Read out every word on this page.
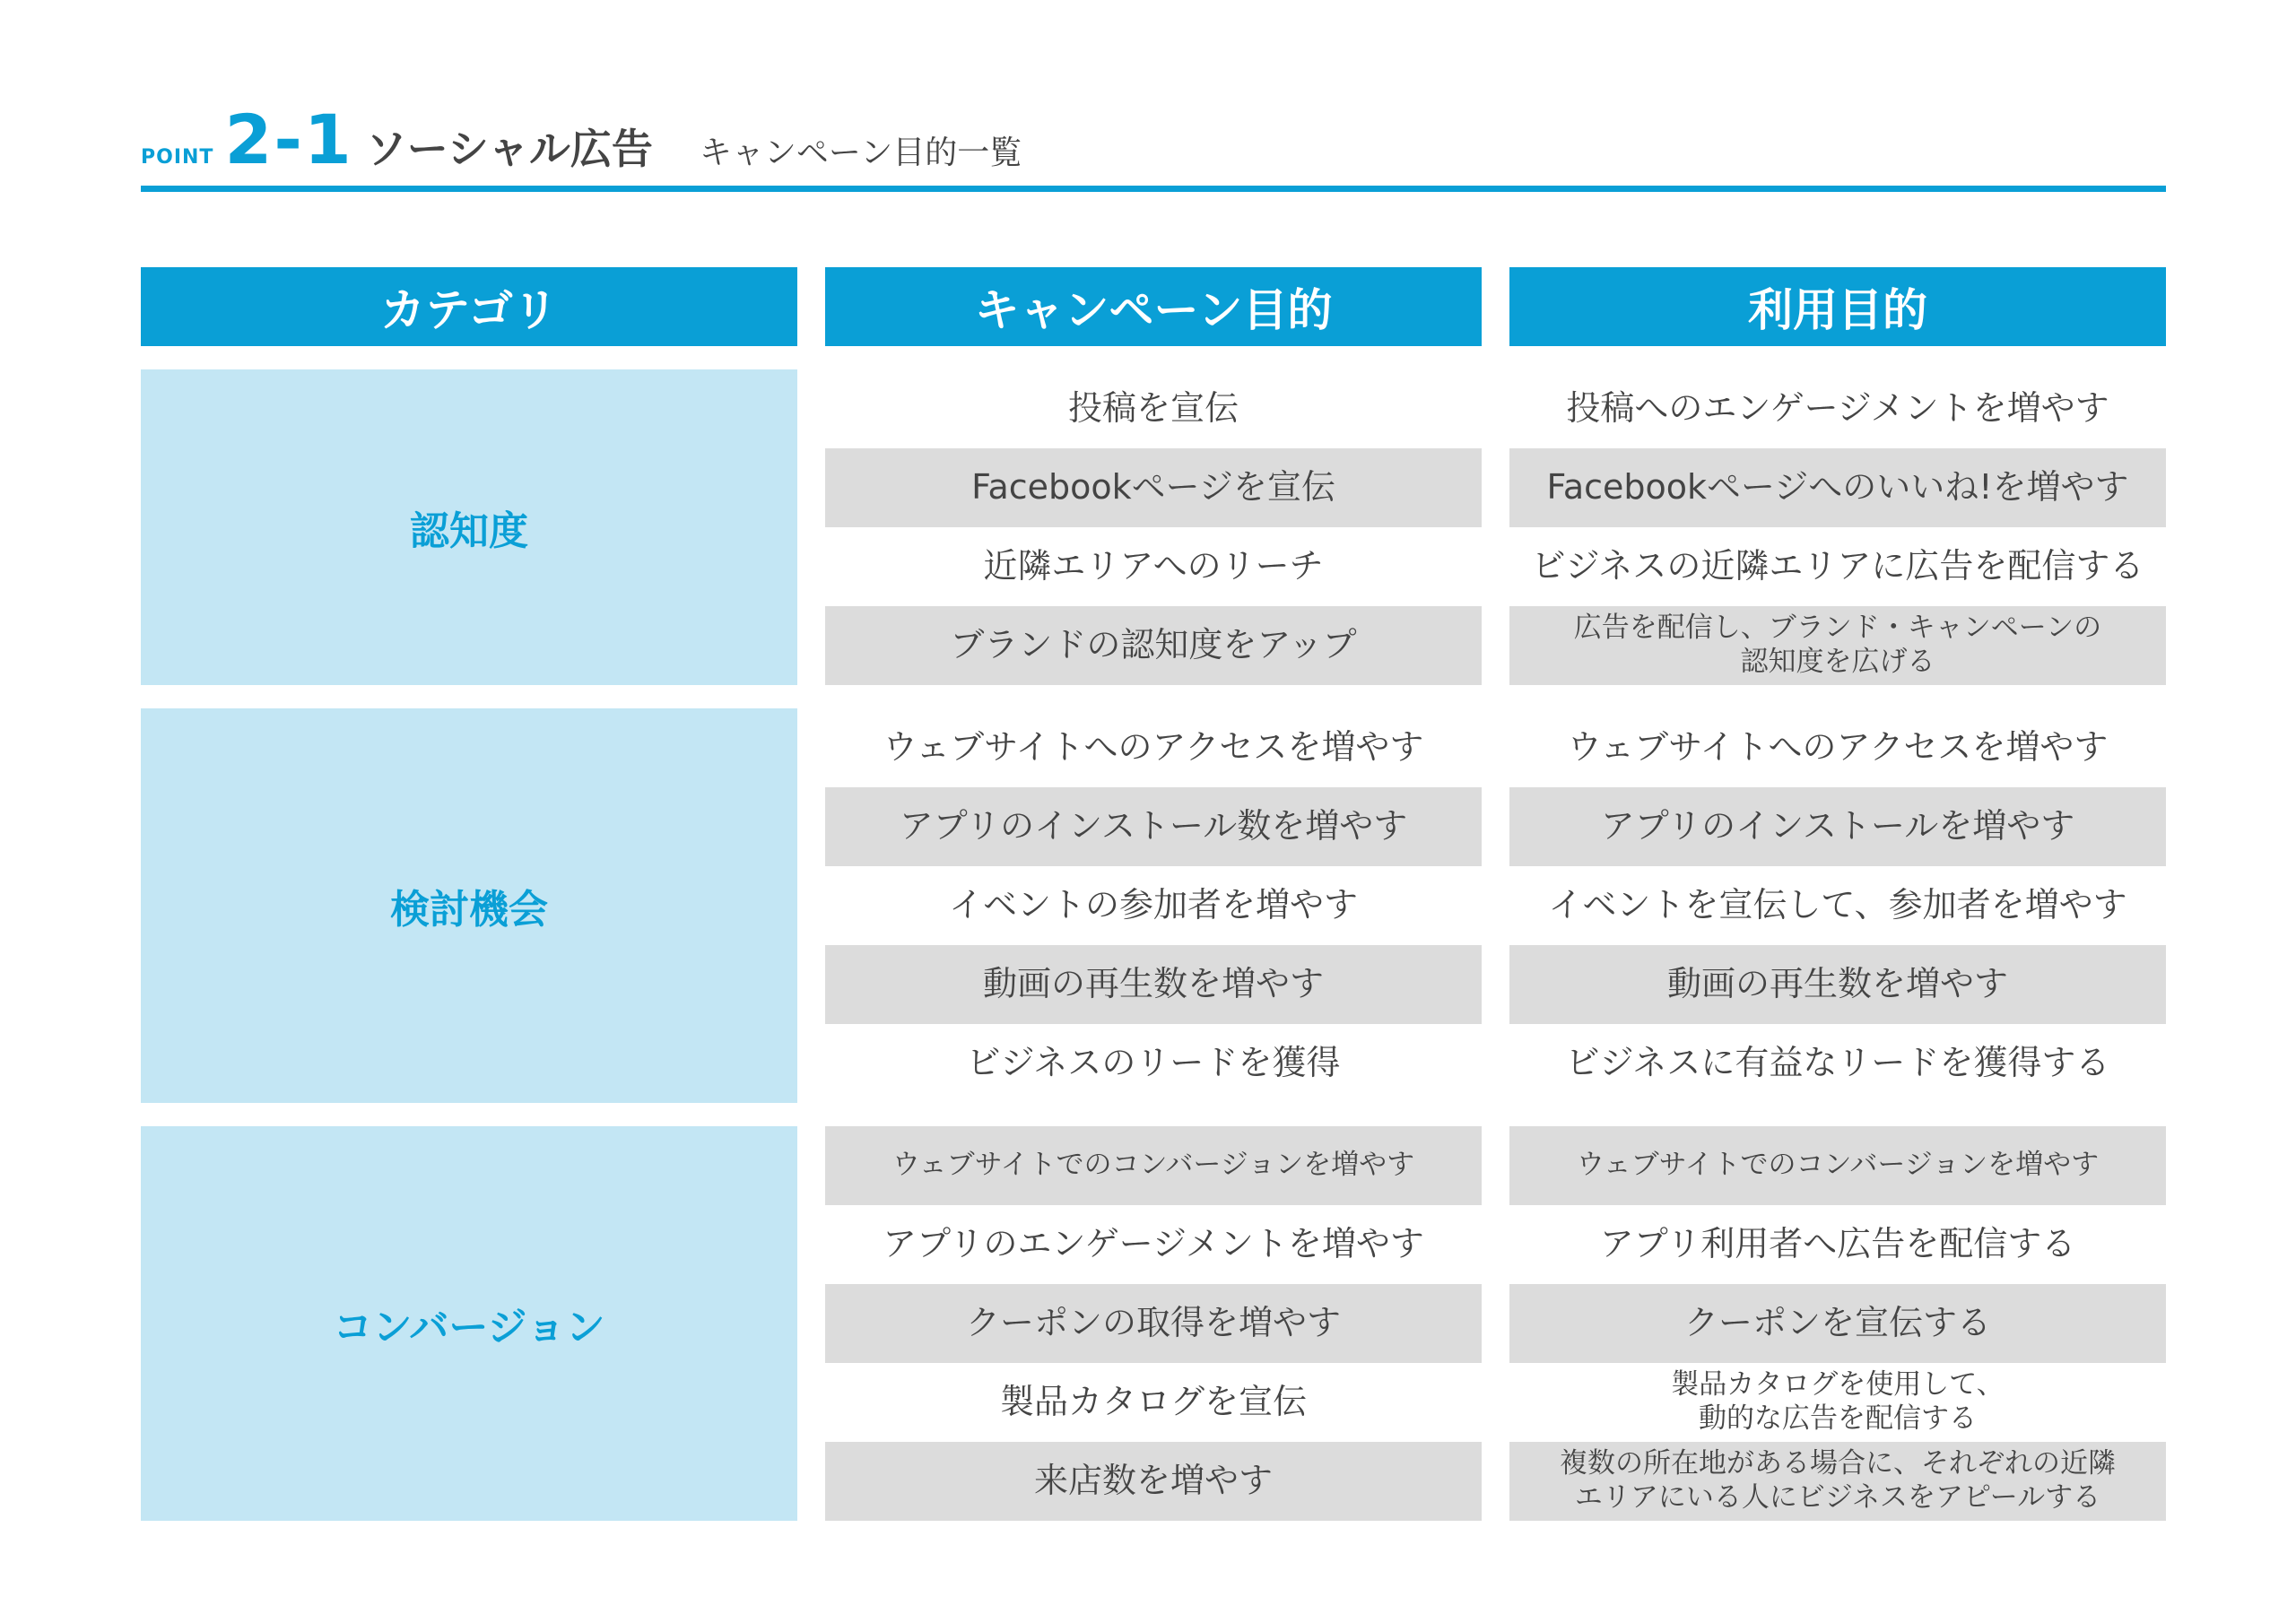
POINT 2-1 ソーシャル広告 キャンペーン目的一覧
カテゴリ	キャンペーン目的	利用目的
認知度
投稿を宣伝	投稿へのエンゲージメントを増やす
Facebookページを宣伝	Facebookページへのいいね!を増やす
近隣エリアへのリーチ	ビジネスの近隣エリアに広告を配信する
ブランドの認知度をアップ	広告を配信し、ブランド・キャンペーンの
認知度を広げる
検討機会
ウェブサイトへのアクセスを増やす	ウェブサイトへのアクセスを増やす
アプリのインストール数を増やす	アプリのインストールを増やす
イベントの参加者を増やす	イベントを宣伝して、参加者を増やす
動画の再生数を増やす	動画の再生数を増やす
ビジネスのリードを獲得	ビジネスに有益なリードを獲得する
コンバージョン
ウェブサイトでのコンバージョンを増やす	ウェブサイトでのコンバージョンを増やす
アプリのエンゲージメントを増やす	アプリ利用者へ広告を配信する
クーポンの取得を増やす	クーポンを宣伝する
製品カタログを宣伝	製品カタログを使用して、
動的な広告を配信する
来店数を増やす	複数の所在地がある場合に、それぞれの近隣
エリアにいる人にビジネスをアピールする
